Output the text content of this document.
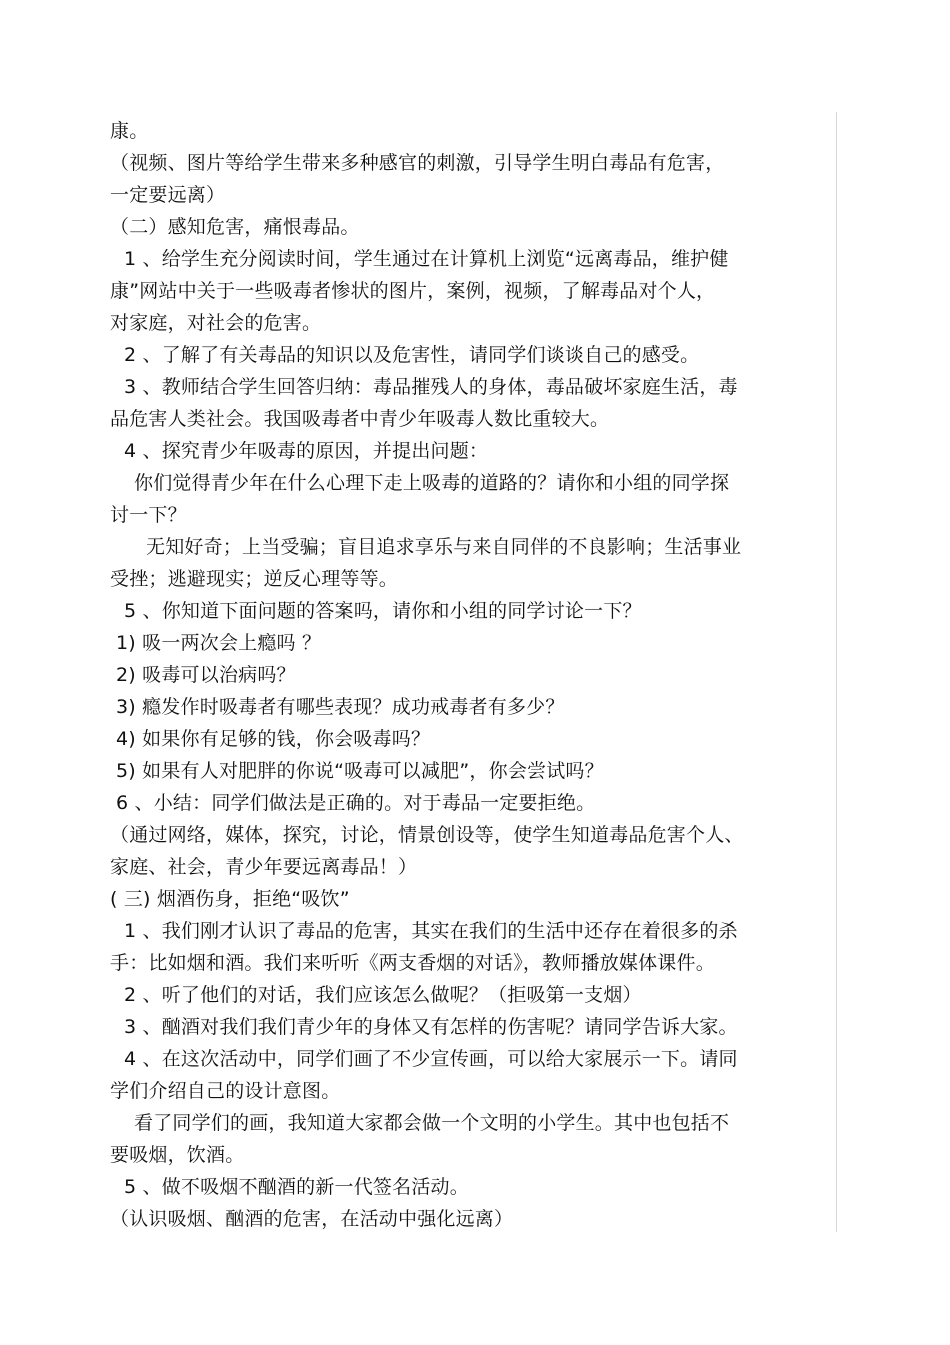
康。
（视频、图片等给学生带来多种感官的刺激，引导学生明白毒品有危害，
一定要远离）
（二）感知危害，痛恨毒品。
1 、给学生充分阅读时间，学生通过在计算机上浏览“远离毒品，维护健
康”网站中关于一些吸毒者惨状的图片，案例，视频，了解毒品对个人，
对家庭，对社会的危害。
2 、了解了有关毒品的知识以及危害性，请同学们谈谈自己的感受。
3 、教师结合学生回答归纳：毒品摧残人的身体，毒品破坏家庭生活，毒
品危害人类社会。我国吸毒者中青少年吸毒人数比重较大。
4 、探究青少年吸毒的原因，并提出问题：
你们觉得青少年在什么心理下走上吸毒的道路的？请你和小组的同学探
讨一下？
无知好奇；上当受骗；盲目追求享乐与来自同伴的不良影响；生活事业
受挫；逃避现实；逆反心理等等。
5 、你知道下面问题的答案吗，请你和小组的同学讨论一下？
1) 吸一两次会上瘾吗 ？
2) 吸毒可以治病吗？
3) 瘾发作时吸毒者有哪些表现？成功戒毒者有多少？
4) 如果你有足够的钱，你会吸毒吗？
5) 如果有人对肥胖的你说“吸毒可以减肥”，你会尝试吗？
6 、小结：同学们做法是正确的。对于毒品一定要拒绝。
（通过网络，媒体，探究，讨论，情景创设等，使学生知道毒品危害个人、
家庭、社会，青少年要远离毒品！）
( 三) 烟酒伤身，拒绝“吸饮”
1 、我们刚才认识了毒品的危害，其实在我们的生活中还存在着很多的杀
手：比如烟和酒。我们来听听《两支香烟的对话》，教师播放媒体课件。
2 、听了他们的对话，我们应该怎么做呢？（拒吸第一支烟）
3 、酗酒对我们我们青少年的身体又有怎样的伤害呢？请同学告诉大家。
4 、在这次活动中，同学们画了不少宣传画，可以给大家展示一下。请同
学们介绍自己的设计意图。
看了同学们的画，我知道大家都会做一个文明的小学生。其中也包括不
要吸烟，饮酒。
5 、做不吸烟不酗酒的新一代签名活动。
（认识吸烟、酗酒的危害，在活动中强化远离）
